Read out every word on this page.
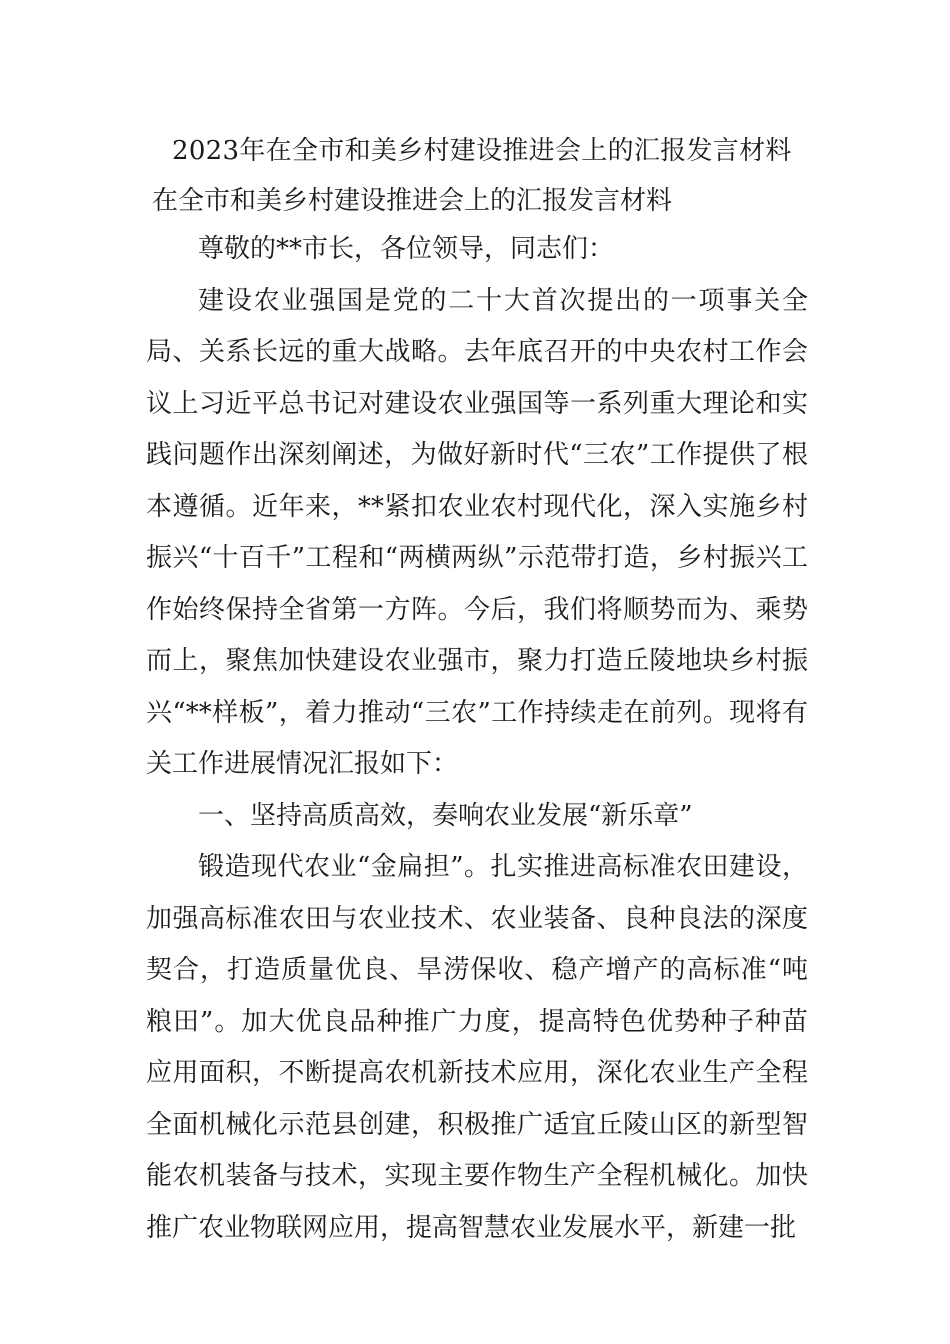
2023年在全市和美乡村建设推进会上的汇报发言材料
在全市和美乡村建设推进会上的汇报发言材料

尊敬的**市长，各位领导，同志们：

建设农业强国是党的二十大首次提出的一项事关全局、关系长远的重大战略。去年底召开的中央农村工作会议上习近平总书记对建设农业强国等一系列重大理论和实践问题作出深刻阐述，为做好新时代“三农”工作提供了根本遵循。近年来，**紧扣农业农村现代化，深入实施乡村振兴“十百千”工程和“两横两纵”示范带打造，乡村振兴工作始终保持全省第一方阵。今后，我们将顺势而为、乘势而上，聚焦加快建设农业强市，聚力打造丘陵地块乡村振兴“**样板”，着力推动“三农”工作持续走在前列。现将有关工作进展情况汇报如下：

一、坚持高质高效，奏响农业发展“新乐章”

锻造现代农业“金扁担”。扎实推进高标准农田建设，加强高标准农田与农业技术、农业装备、良种良法的深度契合，打造质量优良、旱涝保收、稳产增产的高标准“吨粮田”。加大优良品种推广力度，提高特色优势种子种苗应用面积，不断提高农机新技术应用，深化农业生产全程全面机械化示范县创建，积极推广适宜丘陵山区的新型智能农机装备与技术，实现主要作物生产全程机械化。加快推广农业物联网应用，提高智慧农业发展水平，新建一批
